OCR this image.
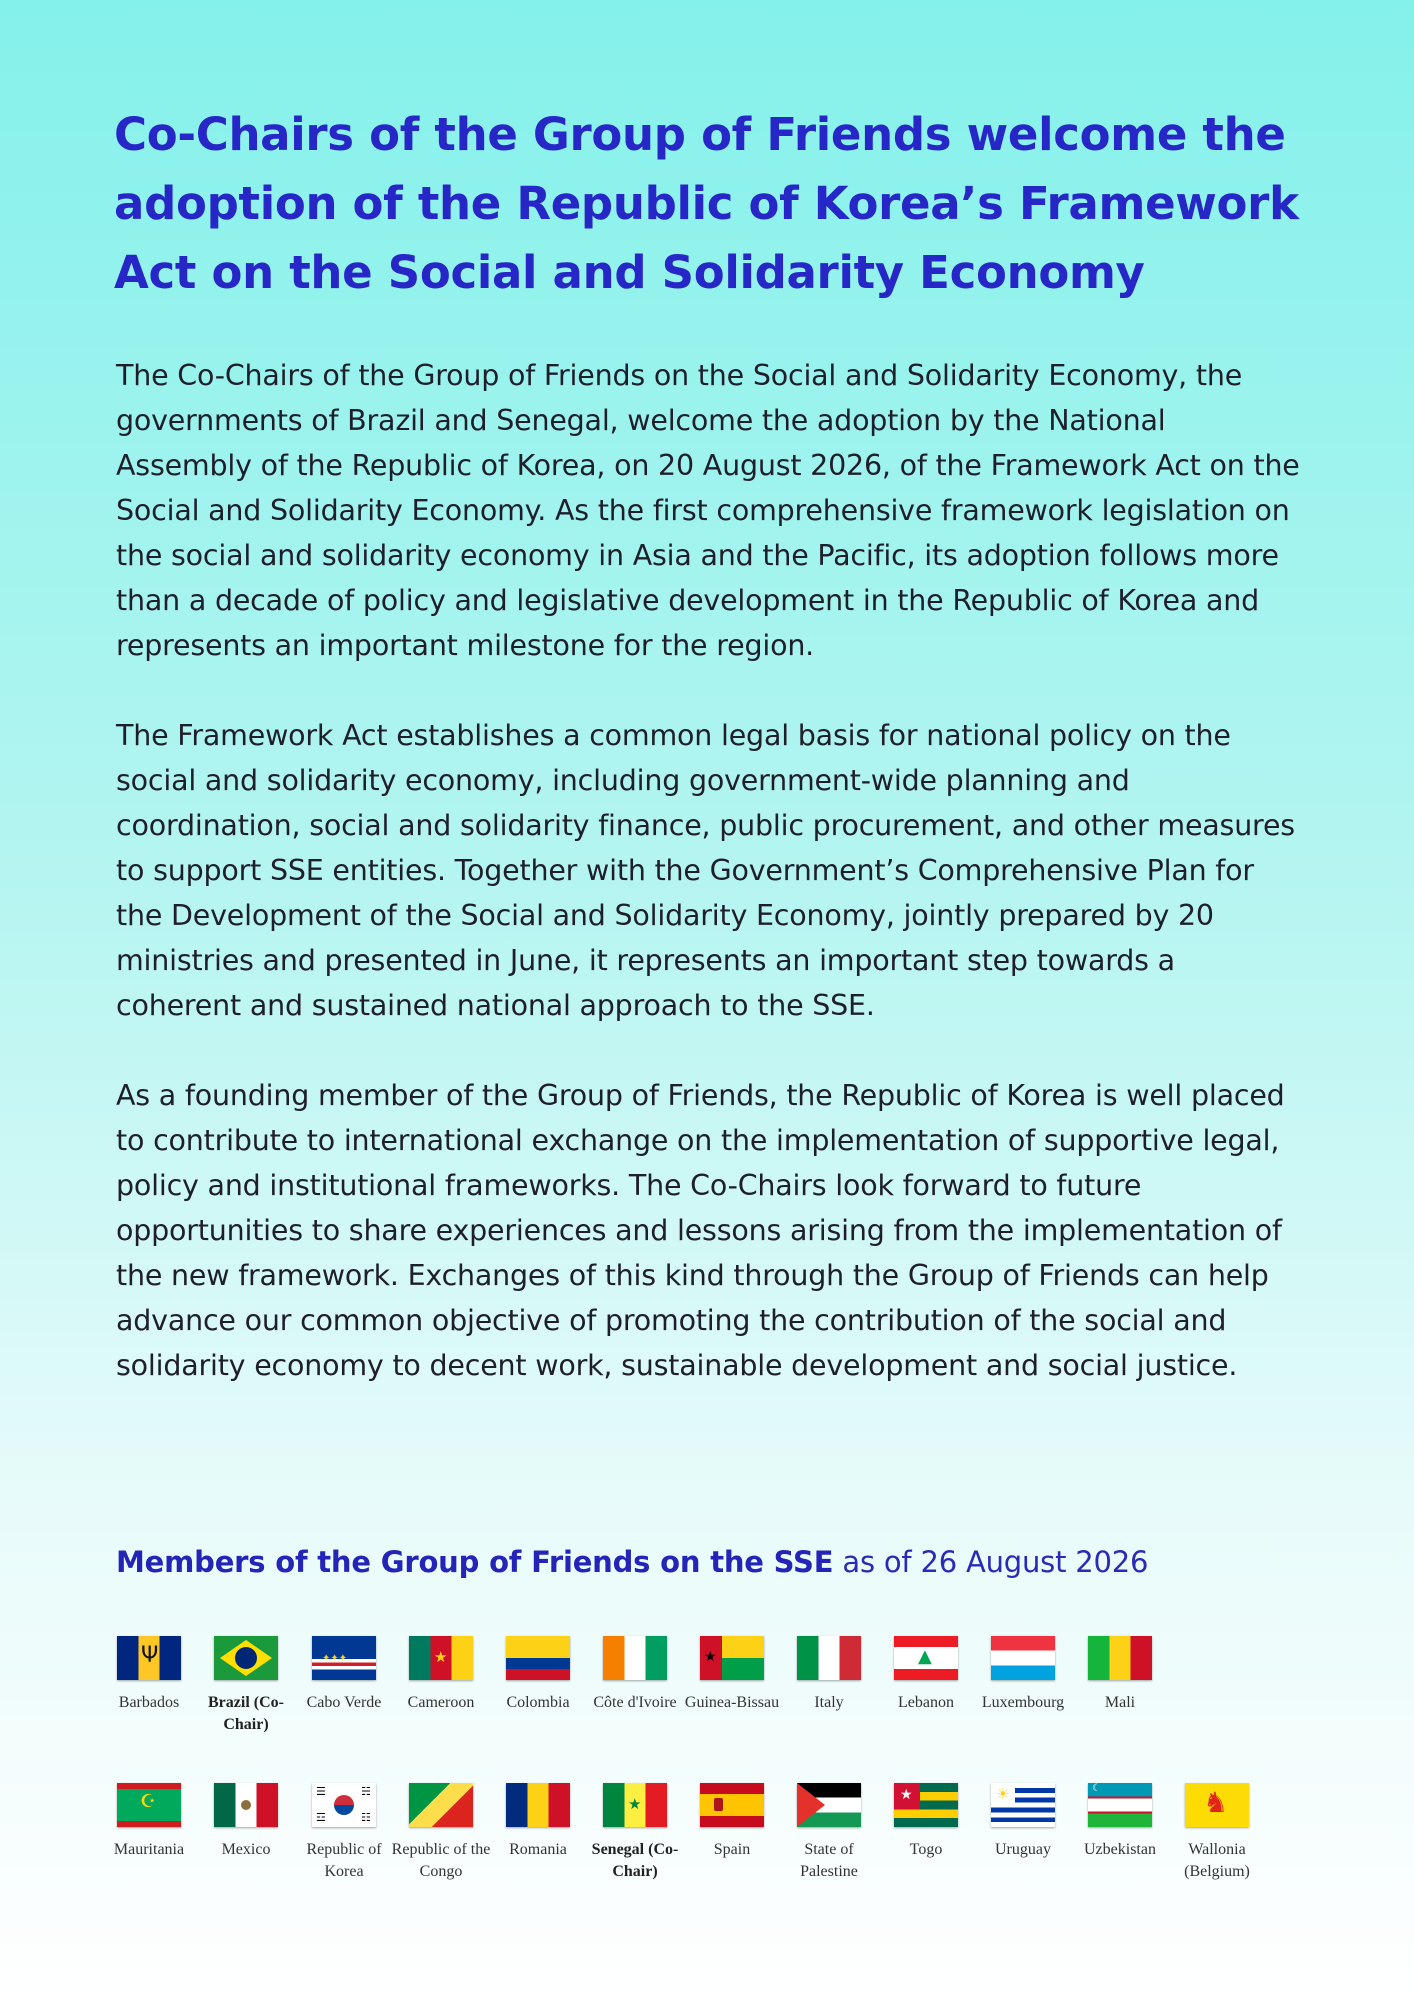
Co-Chairs of the Group of Friends welcome the adoption of the Republic of Korea’s Framework Act on the Social and Solidarity Economy

The Co-Chairs of the Group of Friends on the Social and Solidarity Economy, the governments of Brazil and Senegal, welcome the adoption by the National Assembly of the Republic of Korea, on 20 August 2026, of the Framework Act on the Social and Solidarity Economy. As the first comprehensive framework legislation on the social and solidarity economy in Asia and the Pacific, its adoption follows more than a decade of policy and legislative development in the Republic of Korea and represents an important milestone for the region.

The Framework Act establishes a common legal basis for national policy on the social and solidarity economy, including government-wide planning and coordination, social and solidarity finance, public procurement, and other measures to support SSE entities. Together with the Government’s Comprehensive Plan for the Development of the Social and Solidarity Economy, jointly prepared by 20 ministries and presented in June, it represents an important step towards a coherent and sustained national approach to the SSE.

As a founding member of the Group of Friends, the Republic of Korea is well placed to contribute to international exchange on the implementation of supportive legal, policy and institutional frameworks. The Co-Chairs look forward to future opportunities to share experiences and lessons arising from the implementation of the new framework. Exchanges of this kind through the Group of Friends can help advance our common objective of promoting the contribution of the social and solidarity economy to decent work, sustainable development and social justice.

Members of the Group of Friends on the SSE as of 26 August 2026
Ψ
Barbados	Brazil (Co-Chair)
✦✦✦
Cabo Verde
★
Cameroon	Colombia	Côte d'Ivoire
★
Guinea-Bissau	Italy
▲
Lebanon	Luxembourg	Mali
☪
Mauritania	Mexico
☰	☵
☲	☷
Republic of Korea
Republic of the Congo
Romania
★
Senegal (Co-Chair)
Spain	State of Palestine
★
Togo
☀
Uruguay
☾
Uzbekistan
♞
Wallonia (Belgium)
